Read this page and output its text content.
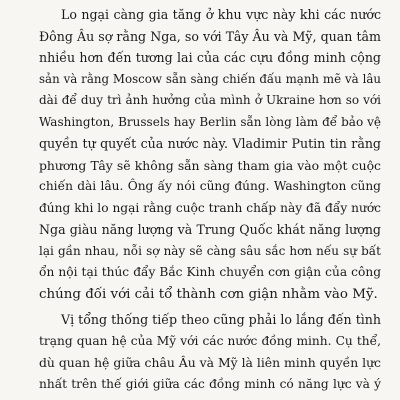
Lo ngại càng gia tăng ở khu vực này khi các nước
Đông Âu sợ rằng Nga, so với Tây Âu và Mỹ, quan tâm
nhiều hơn đến tương lai của các cựu đồng minh cộng
sản và rằng Moscow sẵn sàng chiến đấu mạnh mẽ và lâu
dài để duy trì ảnh hưởng của mình ở Ukraine hơn so với
Washington, Brussels hay Berlin sẵn lòng làm để bảo vệ
quyền tự quyết của nước này. Vladimir Putin tin rằng
phương Tây sẽ không sẵn sàng tham gia vào một cuộc
chiến dài lâu. Ông ấy nói cũng đúng. Washington cũng
đúng khi lo ngại rằng cuộc tranh chấp này đã đẩy nước
Nga giàu năng lượng và Trung Quốc khát năng lượng
lại gần nhau, nỗi sợ này sẽ càng sâu sắc hơn nếu sự bất
ổn nội tại thúc đẩy Bắc Kinh chuyển cơn giận của công
chúng đối với cải tổ thành cơn giận nhằm vào Mỹ.
Vị tổng thống tiếp theo cũng phải lo lắng đến tình
trạng quan hệ của Mỹ với các nước đồng minh. Cụ thể,
dù quan hệ giữa châu Âu và Mỹ là liên minh quyền lực
nhất trên thế giới giữa các đồng minh có năng lực và ý
